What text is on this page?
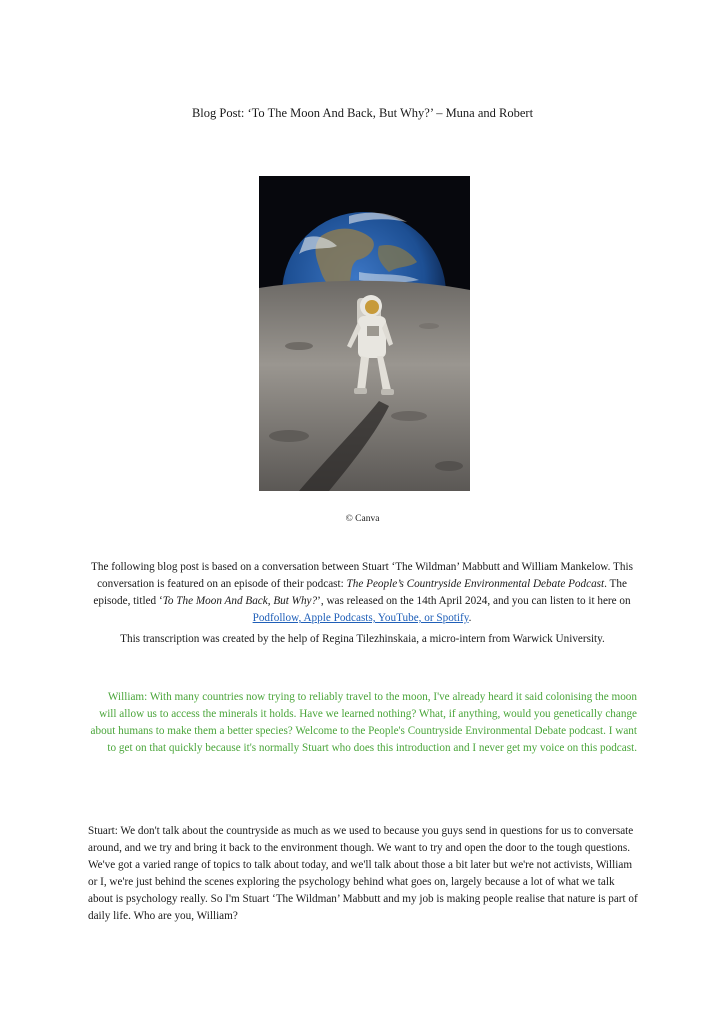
Blog Post: ‘To The Moon And Back, But Why?’ – Muna and Robert
© Canva

The following blog post is based on a conversation between Stuart ‘The Wildman’ Mabbutt and William Mankelow. This conversation is featured on an episode of their podcast: The People’s Countryside Environmental Debate Podcast. The episode, titled ‘To The Moon And Back, But Why?’, was released on the 14th April 2024, and you can listen to it here on Podfollow, Apple Podcasts, YouTube, or Spotify.

This transcription was created by the help of Regina Tilezhinskaia, a micro-intern from Warwick University.
William: With many countries now trying to reliably travel to the moon, I've already heard it said colonising the moon will allow us to access the minerals it holds. Have we learned nothing? What, if anything, would you genetically change about humans to make them a better species? Welcome to the People's Countryside Environmental Debate podcast. I want to get on that quickly because it's normally Stuart who does this introduction and I never get my voice on this podcast.
Stuart: We don't talk about the countryside as much as we used to because you guys send in questions for us to conversate around, and we try and bring it back to the environment though. We want to try and open the door to the tough questions. We've got a varied range of topics to talk about today, and we'll talk about those a bit later but we're not activists, William or I, we're just behind the scenes exploring the psychology behind what goes on, largely because a lot of what we talk about is psychology really. So I'm Stuart ‘The Wildman’ Mabbutt and my job is making people realise that nature is part of daily life. Who are you, William?
